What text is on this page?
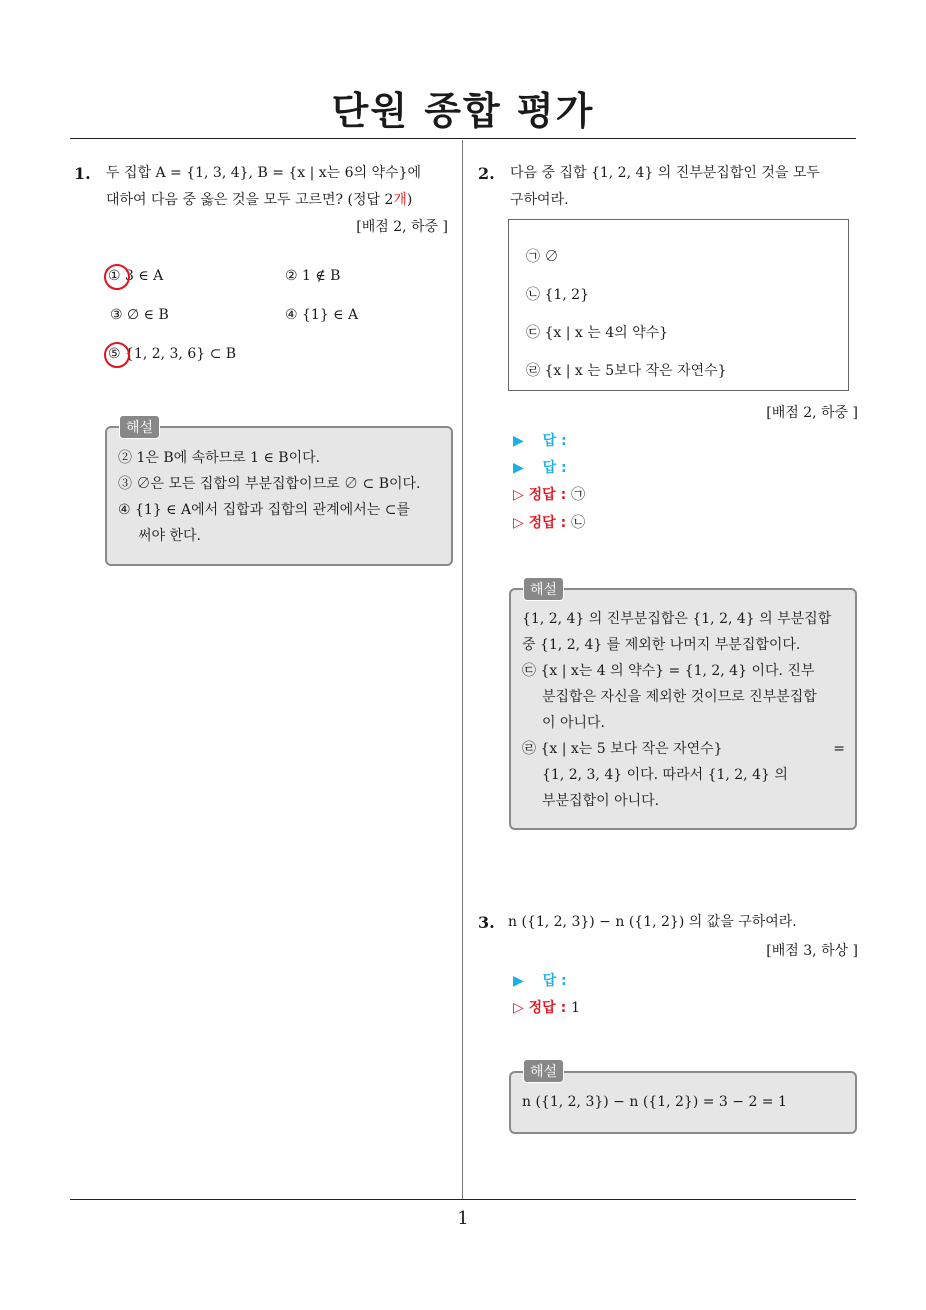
단원 종합 평가
1. 두 집합 A = {1, 3, 4}, B = {x | x는 6의 약수}에
대하여 다음 중 옳은 것을 모두 고르면? (정답 2개)
[배점 2, 하중 ]
① 3 ∈ A	② 1 ∉ B
③ ∅ ∈ B	④ {1} ∈ A
⑤ {1, 2, 3, 6} ⊂ B
해설
② 1은 B에 속하므로 1 ∈ B이다.
③ ∅은 모든 집합의 부분집합이므로 ∅ ⊂ B이다.
④ {1} ∈ A에서 집합과 집합의 관계에서는 ⊂를
써야 한다.
2. 다음 중 집합 {1, 2, 4} 의 진부분집합인 것을 모두
구하여라.
㉠ ∅
㉡ {1, 2}
㉢ {x | x 는 4의 약수}
㉣ {x | x 는 5보다 작은 자연수}
[배점 2, 하중 ]
▶ 답 :
▶ 답 :
▷ 정답 : ㉠
▷ 정답 : ㉡
해설
{1, 2, 4} 의 진부분집합은 {1, 2, 4} 의 부분집합
중 {1, 2, 4} 를 제외한 나머지 부분집합이다.
㉢ {x | x는 4 의 약수} = {1, 2, 4} 이다. 진부
분집합은 자신을 제외한 것이므로 진부분집합
이 아니다.
㉣ {x | x는 5 보다 작은 자연수}	=
{1, 2, 3, 4} 이다. 따라서 {1, 2, 4} 의
부분집합이 아니다.
3. n ({1, 2, 3}) − n ({1, 2}) 의 값을 구하여라.
[배점 3, 하상 ]
▶ 답 :
▷ 정답 : 1
해설
n ({1, 2, 3}) − n ({1, 2}) = 3 − 2 = 1
1
